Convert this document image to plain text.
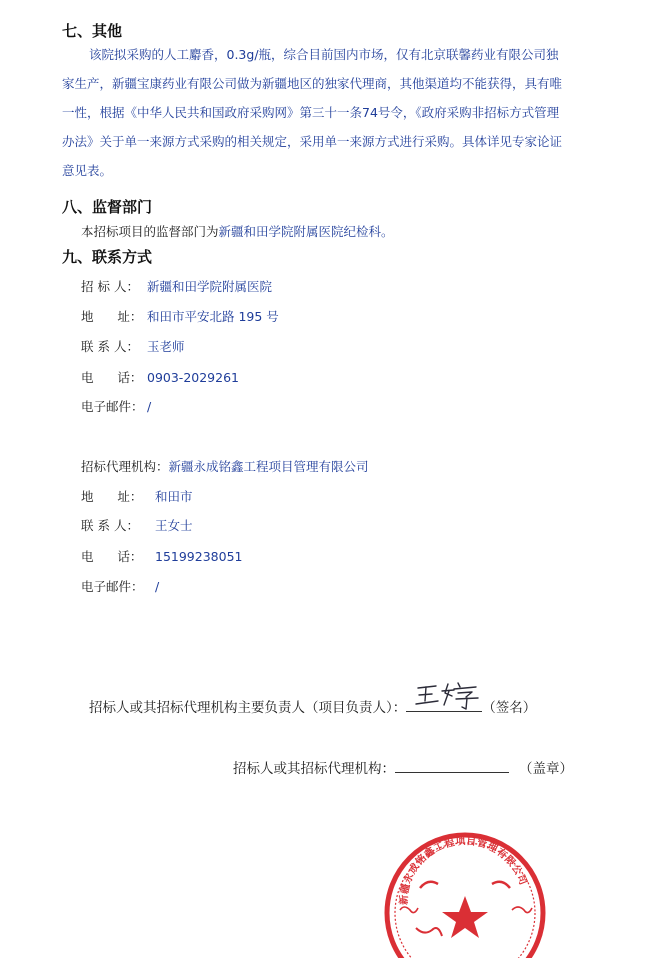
七、其他
该院拟采购的人工麝香，0.3g/瓶，综合目前国内市场，仅有北京联馨药业有限公司独
家生产，新疆宝康药业有限公司做为新疆地区的独家代理商，其他渠道均不能获得，具有唯
一性，根据《中华人民共和国政府采购网》第三十一条74号令，《政府采购非招标方式管理
办法》关于单一来源方式采购的相关规定，采用单一来源方式进行采购。具体详见专家论证
意见表。
八、监督部门
本招标项目的监督部门为新疆和田学院附属医院纪检科。
九、联系方式
招 标 人： 新疆和田学院附属医院
地      址： 和田市平安北路 195 号
联 系 人： 玉老师
电      话： 0903-2029261
电子邮件： /
招标代理机构：新疆永成铭鑫工程项目管理有限公司
地      址： 和田市
联 系 人： 王女士
电      话： 15199238051
电子邮件： /
招标人或其招标代理机构主要负责人（项目负责人）：	（签名）
招标人或其招标代理机构：	（盖章）
新疆永成铭鑫工程项目管理有限公司
